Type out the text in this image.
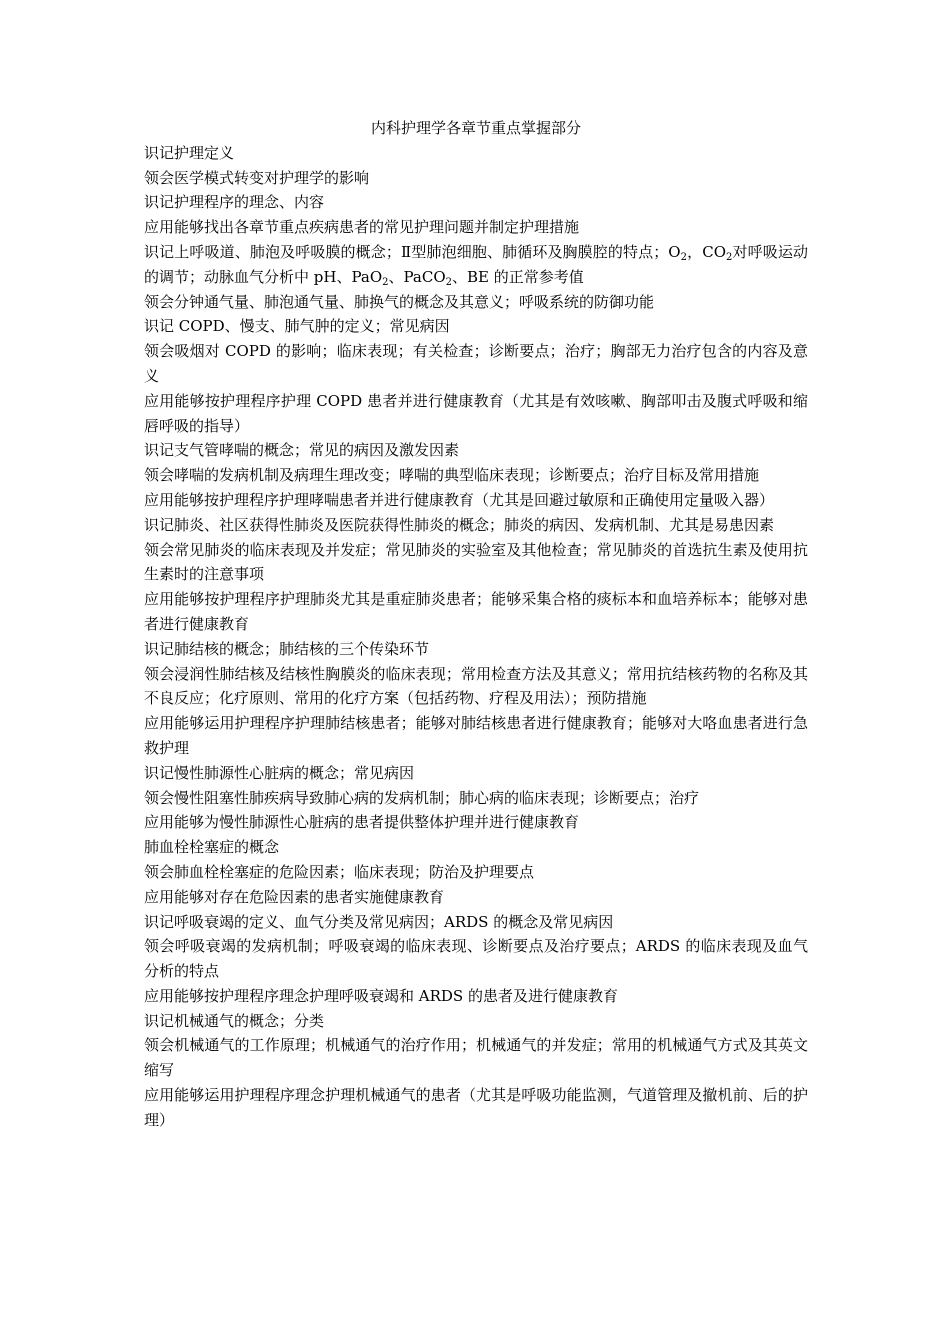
内科护理学各章节重点掌握部分

识记护理定义

领会医学模式转变对护理学的影响

识记护理程序的理念、内容

应用能够找出各章节重点疾病患者的常见护理问题并制定护理措施

识记上呼吸道、肺泡及呼吸膜的概念；Ⅱ型肺泡细胞、肺循环及胸膜腔的特点；$O_2$，$CO_2$对呼吸运动的调节；动脉血气分析中 pH、PaO$_2$、PaCO$_2$、BE 的正常参考值

领会分钟通气量、肺泡通气量、肺换气的概念及其意义；呼吸系统的防御功能

识记 COPD、慢支、肺气肿的定义；常见病因

领会吸烟对 COPD 的影响；临床表现；有关检查；诊断要点；治疗；胸部无力治疗包含的内容及意义

应用能够按护理程序护理 COPD 患者并进行健康教育（尤其是有效咳嗽、胸部叩击及腹式呼吸和缩唇呼吸的指导）

识记支气管哮喘的概念；常见的病因及激发因素

领会哮喘的发病机制及病理生理改变；哮喘的典型临床表现；诊断要点；治疗目标及常用措施

应用能够按护理程序护理哮喘患者并进行健康教育（尤其是回避过敏原和正确使用定量吸入器）

识记肺炎、社区获得性肺炎及医院获得性肺炎的概念；肺炎的病因、发病机制、尤其是易患因素

领会常见肺炎的临床表现及并发症；常见肺炎的实验室及其他检查；常见肺炎的首选抗生素及使用抗生素时的注意事项

应用能够按护理程序护理肺炎尤其是重症肺炎患者；能够采集合格的痰标本和血培养标本；能够对患者进行健康教育

识记肺结核的概念；肺结核的三个传染环节

领会浸润性肺结核及结核性胸膜炎的临床表现；常用检查方法及其意义；常用抗结核药物的名称及其不良反应；化疗原则、常用的化疗方案（包括药物、疗程及用法）；预防措施

应用能够运用护理程序护理肺结核患者；能够对肺结核患者进行健康教育；能够对大咯血患者进行急救护理

识记慢性肺源性心脏病的概念；常见病因

领会慢性阻塞性肺疾病导致肺心病的发病机制；肺心病的临床表现；诊断要点；治疗

应用能够为慢性肺源性心脏病的患者提供整体护理并进行健康教育

肺血栓栓塞症的概念

领会肺血栓栓塞症的危险因素；临床表现；防治及护理要点

应用能够对存在危险因素的患者实施健康教育

识记呼吸衰竭的定义、血气分类及常见病因；ARDS 的概念及常见病因

领会呼吸衰竭的发病机制；呼吸衰竭的临床表现、诊断要点及治疗要点；ARDS 的临床表现及血气分析的特点

应用能够按护理程序理念护理呼吸衰竭和 ARDS 的患者及进行健康教育

识记机械通气的概念；分类

领会机械通气的工作原理；机械通气的治疗作用；机械通气的并发症；常用的机械通气方式及其英文缩写

应用能够运用护理程序理念护理机械通气的患者（尤其是呼吸功能监测，气道管理及撤机前、后的护理）
